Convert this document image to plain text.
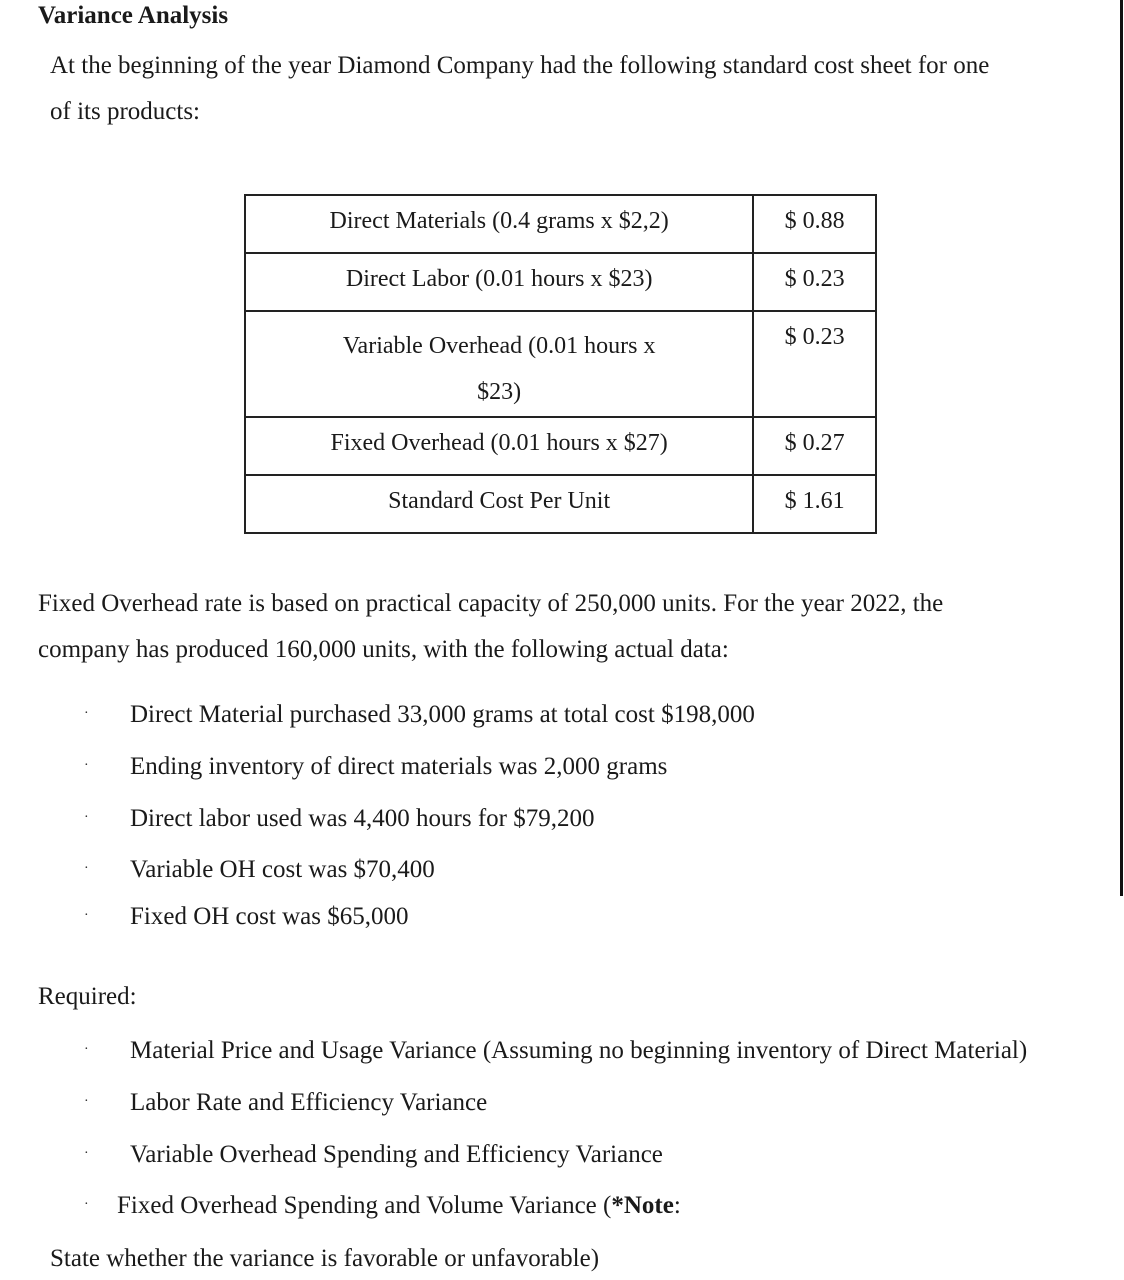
Variance Analysis
At the beginning of the year Diamond Company had the following standard cost sheet for one
of its products:
Direct Materials (0.4 grams x $2,2)	$ 0.88

Direct Labor (0.01 hours x $23)	$ 0.23

Variable Overhead (0.01 hours x
$23)	$ 0.23

Fixed Overhead (0.01 hours x $27)	$ 0.27

Standard Cost Per Unit	$ 1.61
Fixed Overhead rate is based on practical capacity of 250,000 units. For the year 2022, the
company has produced 160,000 units, with the following actual data:
· Direct Material purchased 33,000 grams at total cost $198,000
· Ending inventory of direct materials was 2,000 grams
· Direct labor used was 4,400 hours for $79,200
· Variable OH cost was $70,400
· Fixed OH cost was $65,000
Required:
· Material Price and Usage Variance (Assuming no beginning inventory of Direct Material)
· Labor Rate and Efficiency Variance
· Variable Overhead Spending and Efficiency Variance
· Fixed Overhead Spending and Volume Variance (*Note:
State whether the variance is favorable or unfavorable)
